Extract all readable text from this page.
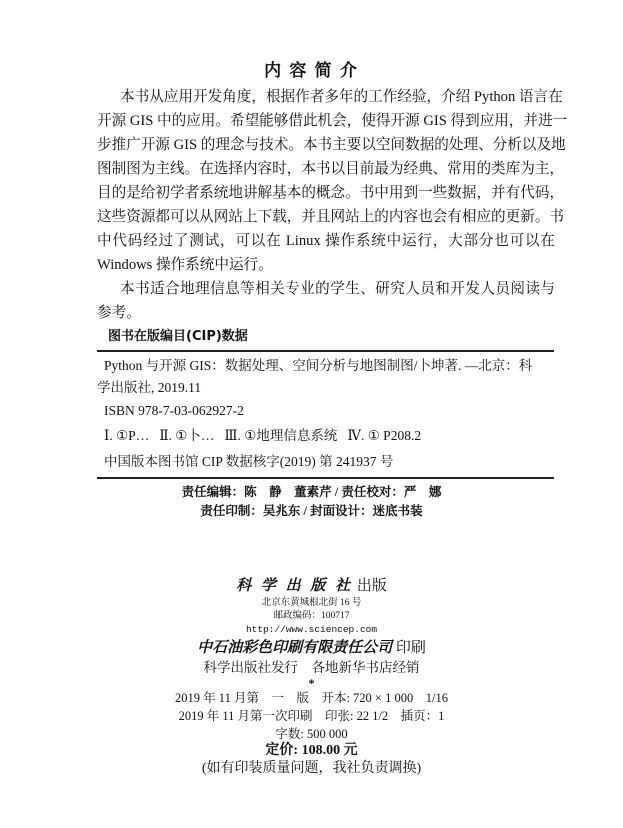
内 容 简 介
本书从应用开发角度，根据作者多年的工作经验，介绍 Python 语言在
开源 GIS 中的应用。希望能够借此机会，使得开源 GIS 得到应用，并进一
步推广开源 GIS 的理念与技术。本书主要以空间数据的处理、分析以及地
图制图为主线。在选择内容时，本书以目前最为经典、常用的类库为主，
目的是给初学者系统地讲解基本的概念。书中用到一些数据，并有代码，
这些资源都可以从网站上下载，并且网站上的内容也会有相应的更新。书
中代码经过了测试，可以在 Linux 操作系统中运行，大部分也可以在
Windows 操作系统中运行。
本书适合地理信息等相关专业的学生、研究人员和开发人员阅读与
参考。
图书在版编目(CIP)数据
Python 与开源 GIS：数据处理、空间分析与地图制图/卜坤著. —北京：科
学出版社, 2019.11
ISBN 978-7-03-062927-2
Ⅰ. ①P…   Ⅱ. ①卜…   Ⅲ. ①地理信息系统   Ⅳ. ① P208.2
中国版本图书馆 CIP 数据核字(2019) 第 241937 号
责任编辑：陈　静　董素芹 / 责任校对：严　娜
责任印制：吴兆东 / 封面设计：迷底书装
科 学 出 版 社 出版
北京东黄城根北街 16 号
邮政编码：100717
http://www.sciencep.com
中石油彩色印刷有限责任公司 印刷
科学出版社发行　各地新华书店经销
*
2019 年 11 月第　一　版　开本: 720 × 1 000　1/16
2019 年 11 月第一次印刷　印张: 22 1/2　插页：1
字数: 500 000
定价: 108.00 元
(如有印装质量问题，我社负责调换)
